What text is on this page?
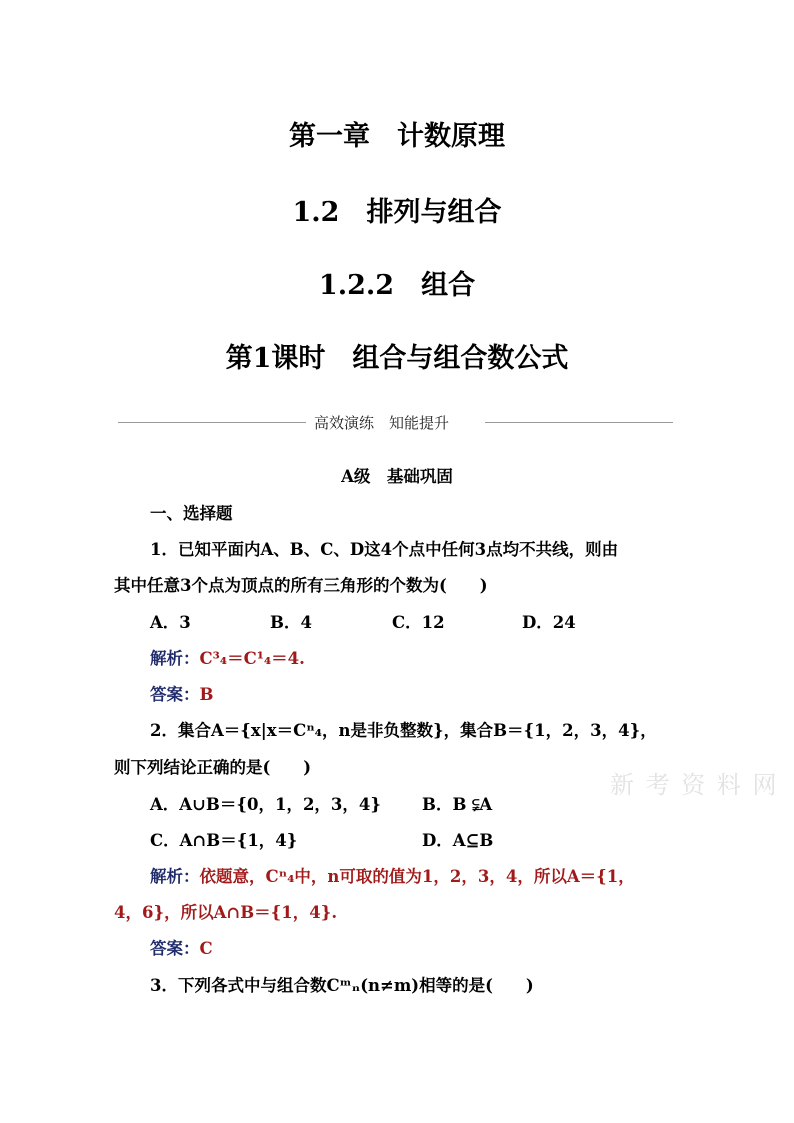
第一章　计数原理
1.2　排列与组合
1.2.2　组合
第1课时　组合与组合数公式
高效演练　知能提升
A级　基础巩固
一、选择题
1．已知平面内A、B、C、D这4个点中任何3点均不共线，则由
其中任意3个点为顶点的所有三角形的个数为(　　)
A．3	B．4	C．12	D．24
解析：C³₄＝C¹₄＝4.
答案：B
2．集合A＝{x|x＝Cⁿ₄，n是非负整数}，集合B＝{1，2，3，4}，
则下列结论正确的是(　　)
A．A∪B＝{0，1，2，3，4} B．B ⫋A
C．A∩B＝{1，4}	D．A⊆B
解析：依题意，Cⁿ₄中，n可取的值为1，2，3，4，所以A＝{1，
4，6}，所以A∩B＝{1，4}.
答案：C
3．下列各式中与组合数Cᵐₙ(n≠m)相等的是(　　)
新 考 资 料 网
